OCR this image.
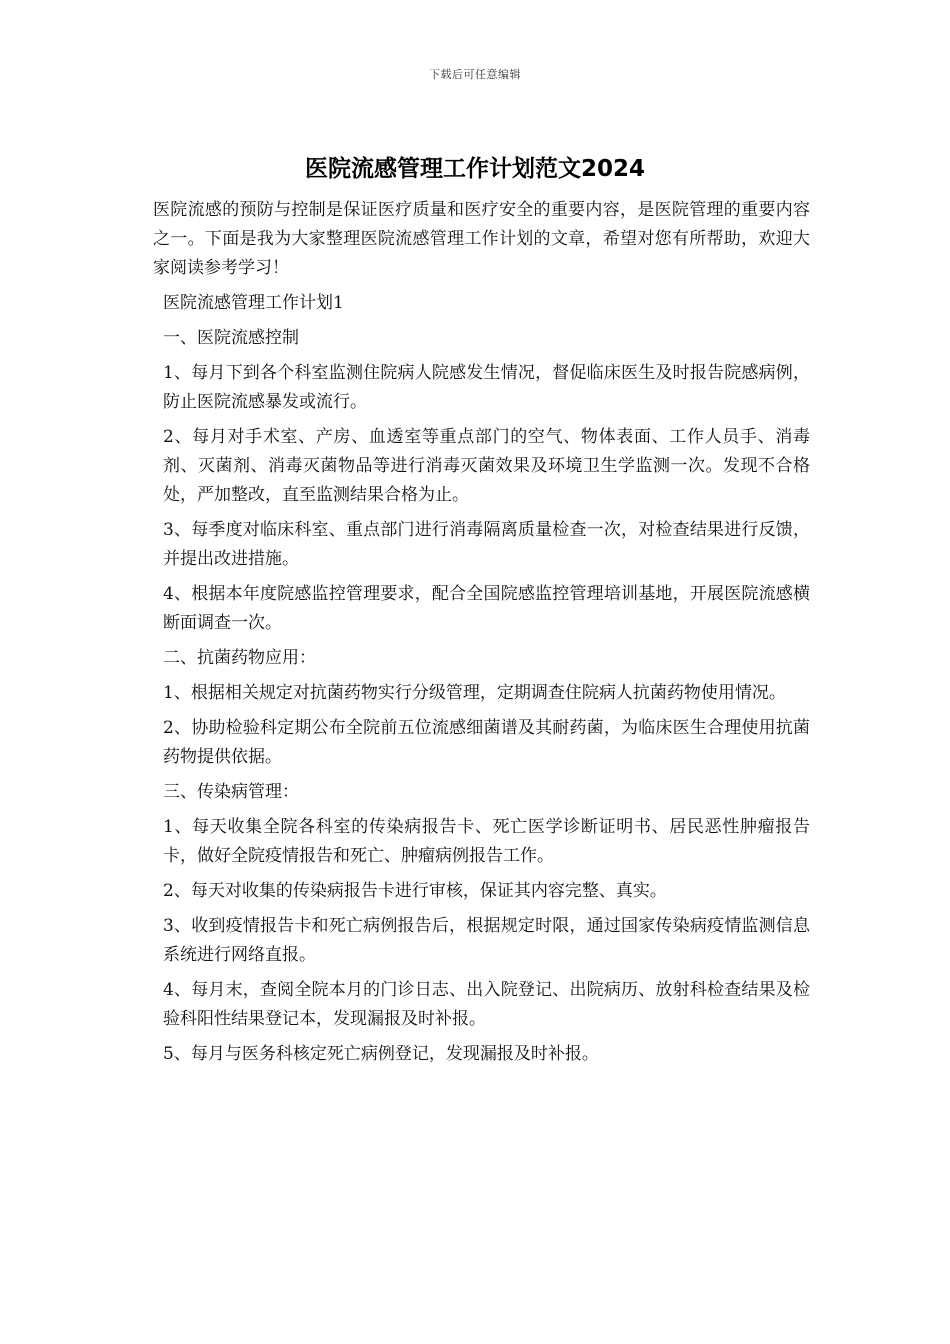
下载后可任意编辑
医院流感管理工作计划范文2024

医院流感的预防与控制是保证医疗质量和医疗安全的重要内容，是医院管理的重要内容之一。下面是我为大家整理医院流感管理工作计划的文章，希望对您有所帮助，欢迎大家阅读参考学习！

医院流感管理工作计划1

一、医院流感控制

1、每月下到各个科室监测住院病人院感发生情况，督促临床医生及时报告院感病例，防止医院流感暴发或流行。

2、每月对手术室、产房、血透室等重点部门的空气、物体表面、工作人员手、消毒剂、灭菌剂、消毒灭菌物品等进行消毒灭菌效果及环境卫生学监测一次。发现不合格处，严加整改，直至监测结果合格为止。

3、每季度对临床科室、重点部门进行消毒隔离质量检查一次，对检查结果进行反馈，并提出改进措施。

4、根据本年度院感监控管理要求，配合全国院感监控管理培训基地，开展医院流感横断面调查一次。

二、抗菌药物应用：

1、根据相关规定对抗菌药物实行分级管理，定期调查住院病人抗菌药物使用情况。

2、协助检验科定期公布全院前五位流感细菌谱及其耐药菌，为临床医生合理使用抗菌药物提供依据。

三、传染病管理：

1、每天收集全院各科室的传染病报告卡、死亡医学诊断证明书、居民恶性肿瘤报告卡，做好全院疫情报告和死亡、肿瘤病例报告工作。

2、每天对收集的传染病报告卡进行审核，保证其内容完整、真实。

3、收到疫情报告卡和死亡病例报告后，根据规定时限，通过国家传染病疫情监测信息系统进行网络直报。

4、每月末，查阅全院本月的门诊日志、出入院登记、出院病历、放射科检查结果及检验科阳性结果登记本，发现漏报及时补报。

5、每月与医务科核定死亡病例登记，发现漏报及时补报。
